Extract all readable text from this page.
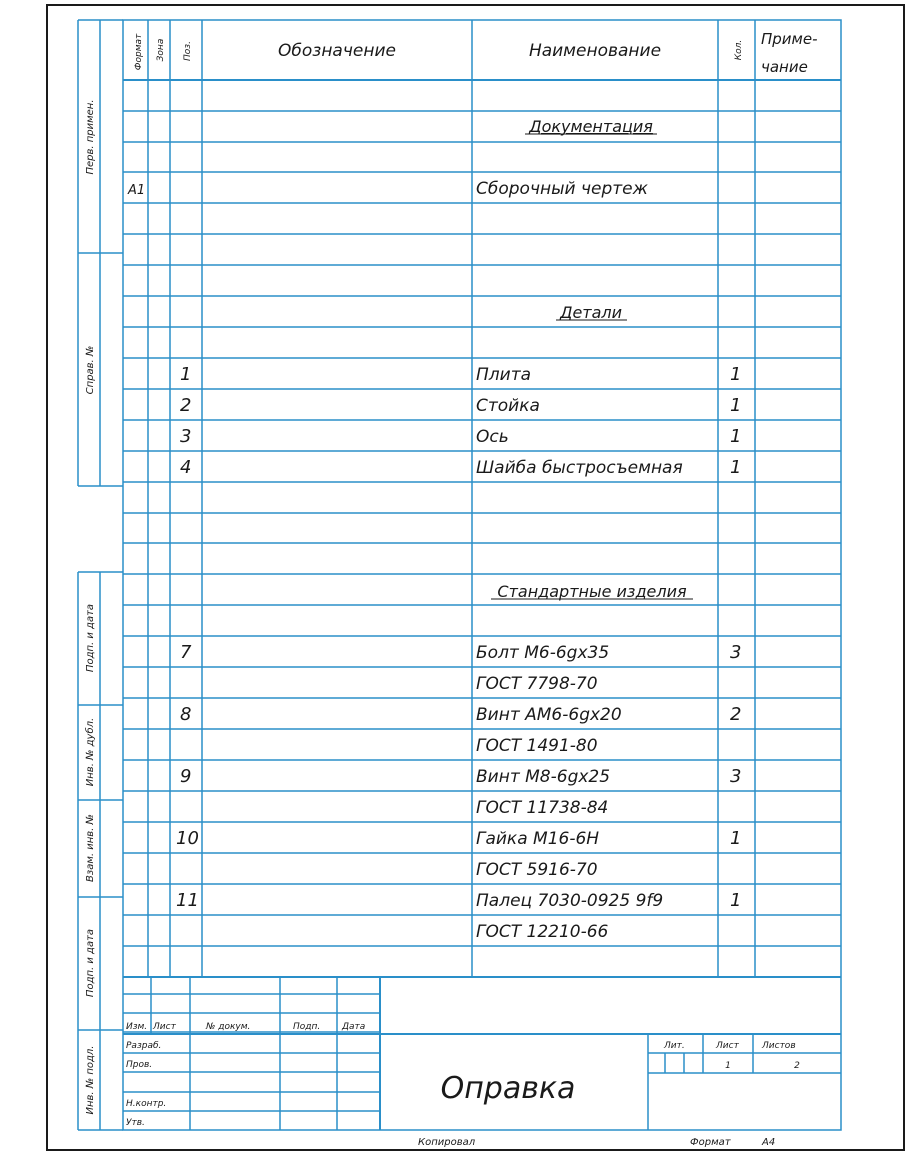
Формат Зона Поз.	Обозначение	Наименование	Кол.
Приме-
чание
Документация
Детали
Стандартные изделия
А1	Сборочный чертеж
1	Плита	1
2	Стойка	1
3	Ось	1
4	Шайба быстросъемная	1
7	Болт М6-6gx35	3
ГОСТ 7798-70
8	Винт АМ6-6gx20	2
ГОСТ 1491-80
9	Винт М8-6gx25	3
ГОСТ 11738-84
10	Гайка М16-6Н	1
ГОСТ 5916-70
11	Палец 7030-0925 9f9	1
ГОСТ 12210-66
Перв. примен.
Справ. №
Подп. и дата
Инв. № дубл.
Взам. инв. №
Подп. и дата
Инв. № подл.
Изм. Лист	№ докум.	Подп. Дата
Разраб.
Пров.
Н.контр.
Утв.
Оправка
Лит.	Лист	Листов
1	2
Копировал	Формат	А4
